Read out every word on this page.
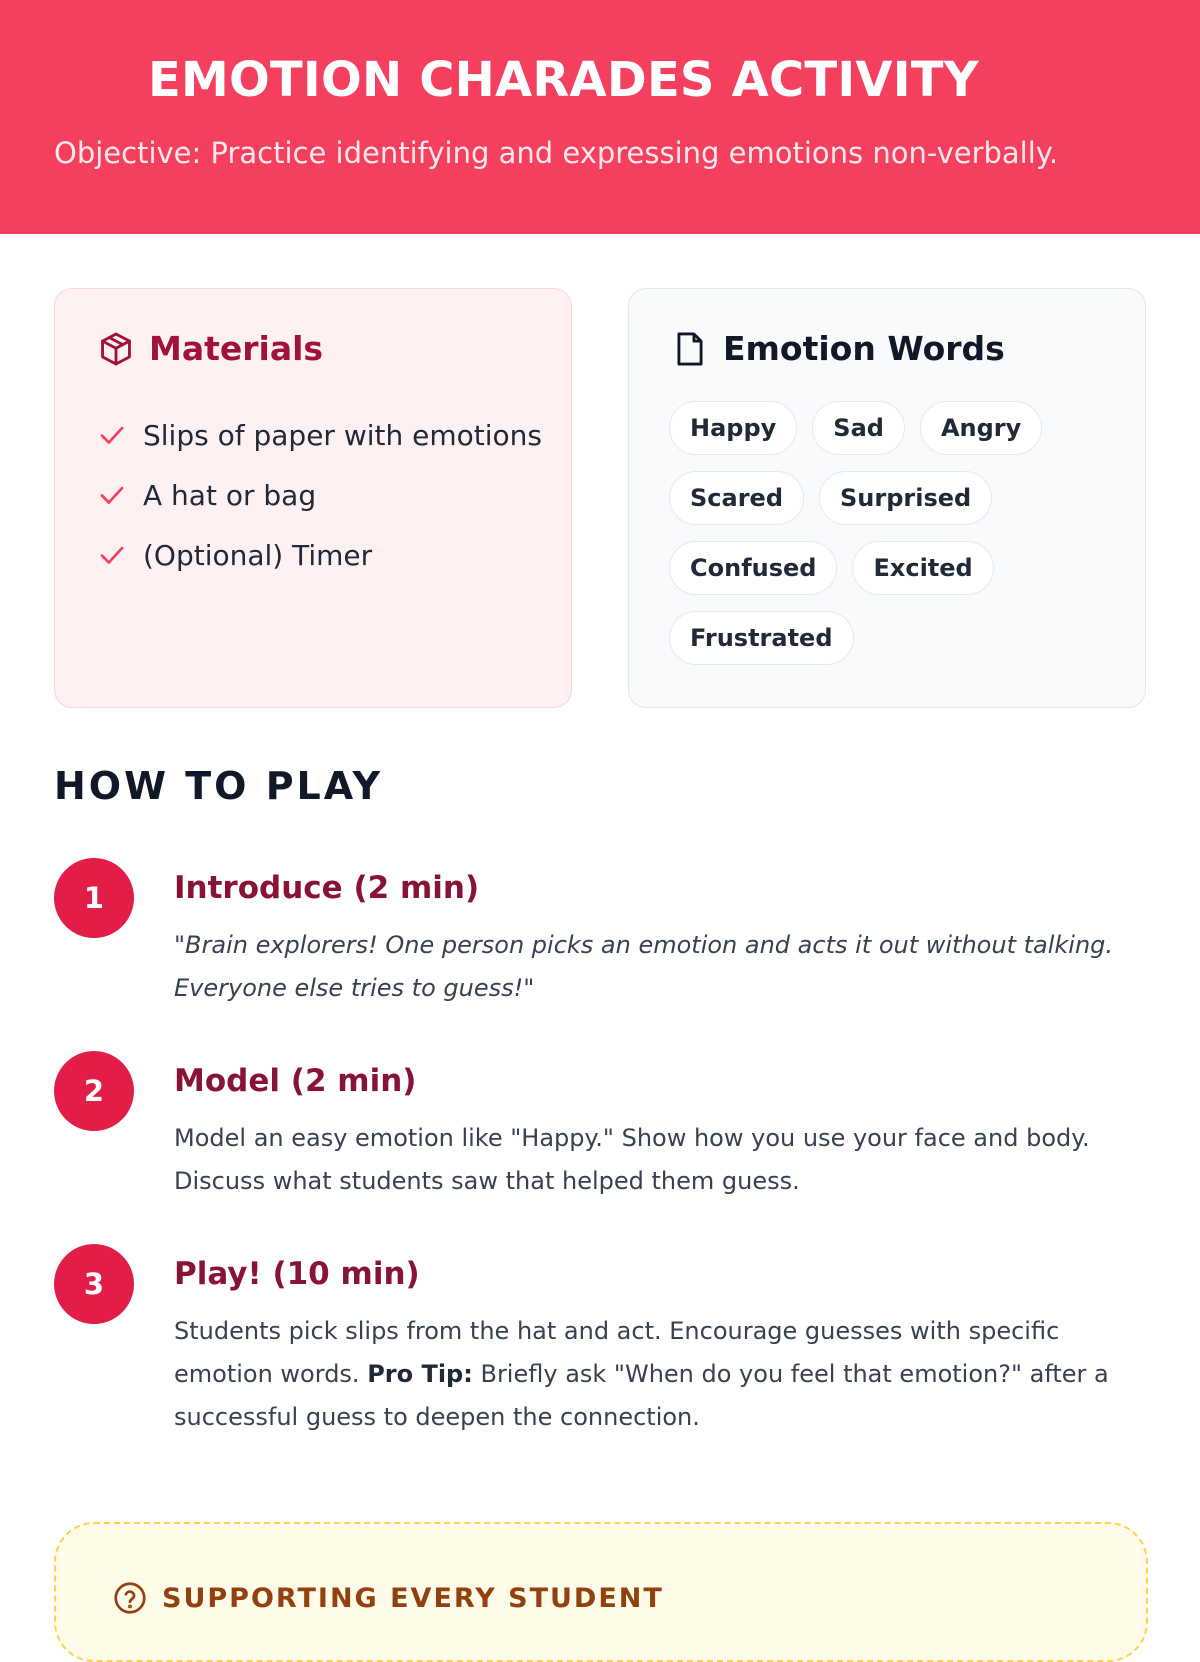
EMOTION CHARADES ACTIVITY

Objective: Practice identifying and expressing emotions non-verbally.

Materials
Slips of paper with emotions
A hat or bag
(Optional) Timer
Emotion Words
Happy	Sad	Angry
Scared	Surprised
Confused	Excited
Frustrated
HOW TO PLAY
1	Introduce (2 min)

"Brain explorers! One person picks an emotion and acts it out without talking. Everyone else tries to guess!"

2	Model (2 min)

Model an easy emotion like "Happy." Show how you use your face and body. Discuss what students saw that helped them guess.

3	Play! (10 min)

Students pick slips from the hat and act. Encourage guesses with specific emotion words. Pro Tip: Briefly ask "When do you feel that emotion?" after a successful guess to deepen the connection.

SUPPORTING EVERY STUDENT
